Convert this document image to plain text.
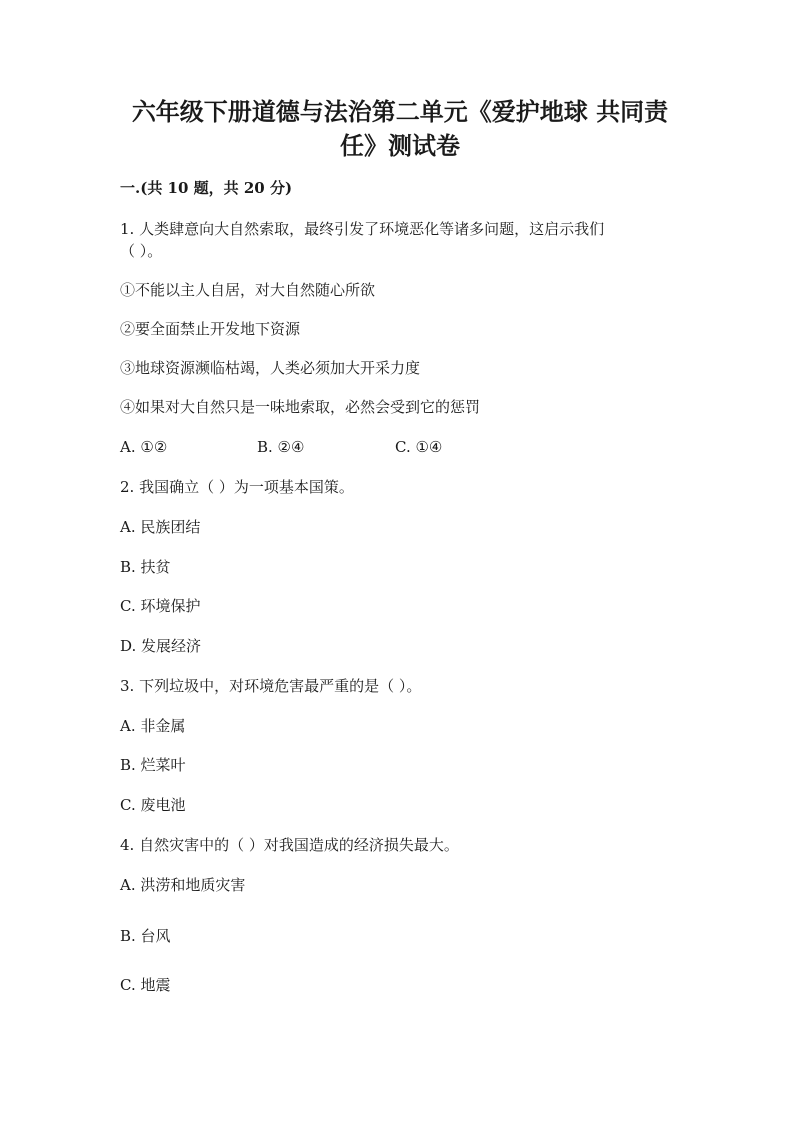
六年级下册道德与法治第二单元《爱护地球 共同责
任》测试卷
一.(共 10 题，共 20 分)
1. 人类肆意向大自然索取，最终引发了环境恶化等诸多问题，这启示我们
（ ）。
①不能以主人自居，对大自然随心所欲
②要全面禁止开发地下资源
③地球资源濒临枯竭，人类必须加大开采力度
④如果对大自然只是一味地索取，必然会受到它的惩罚
A. ①②	B. ②④	C. ①④
2. 我国确立（ ）为一项基本国策。
A. 民族团结
B. 扶贫
C. 环境保护
D. 发展经济
3. 下列垃圾中，对环境危害最严重的是（ ）。
A. 非金属
B. 烂菜叶
C. 废电池
4. 自然灾害中的（ ）对我国造成的经济损失最大。
A. 洪涝和地质灾害
B. 台风
C. 地震
